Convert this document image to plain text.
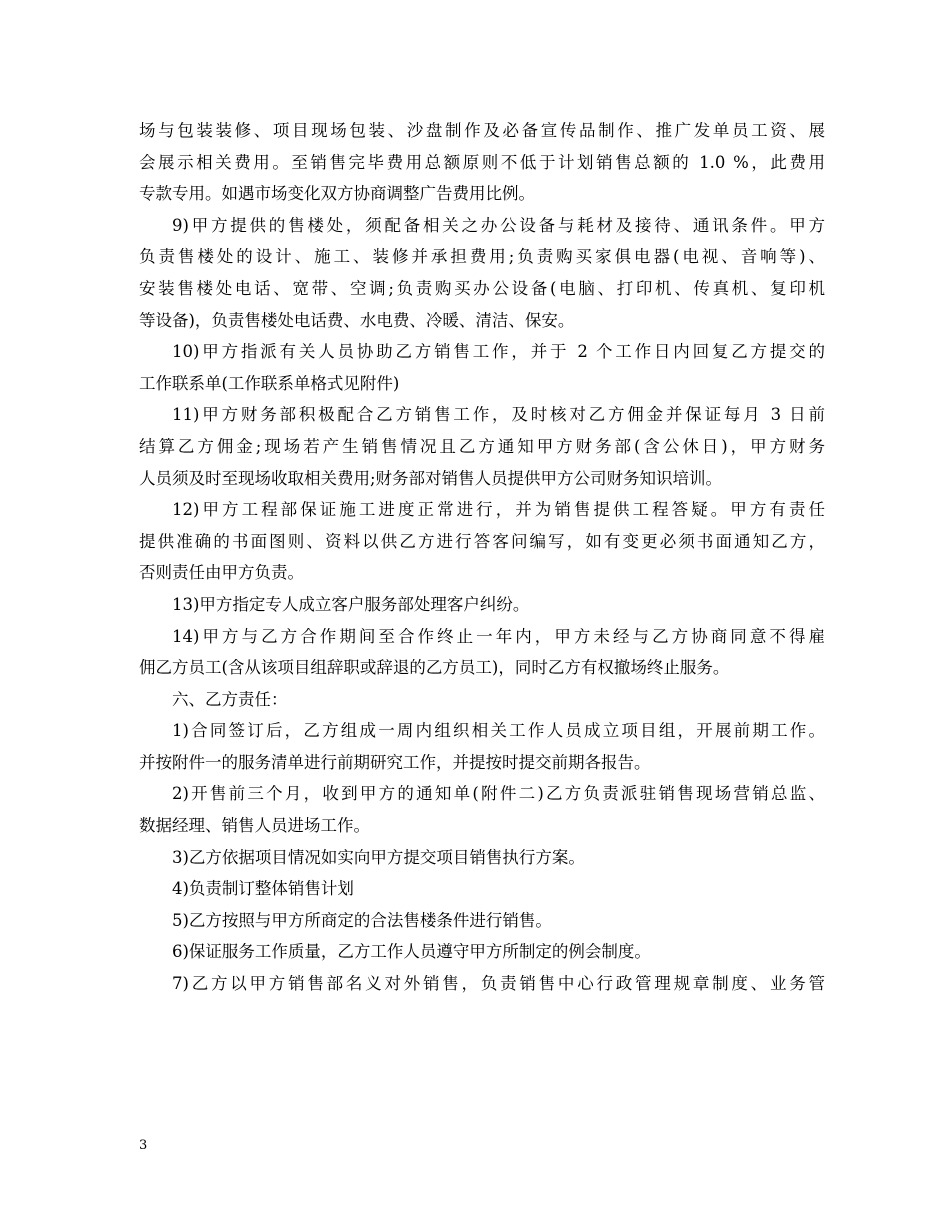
场与包装装修、项目现场包装、沙盘制作及必备宣传品制作、推广发单员工资、展
会展示相关费用。至销售完毕费用总额原则不低于计划销售总额的 1.0 %，此费用
专款专用。如遇市场变化双方协商调整广告费用比例。
9)甲方提供的售楼处，须配备相关之办公设备与耗材及接待、通讯条件。甲方
负责售楼处的设计、施工、装修并承担费用;负责购买家俱电器(电视、音响等)、
安装售楼处电话、宽带、空调;负责购买办公设备(电脑、打印机、传真机、复印机
等设备)，负责售楼处电话费、水电费、冷暖、清洁、保安。
10)甲方指派有关人员协助乙方销售工作，并于 2 个工作日内回复乙方提交的
工作联系单(工作联系单格式见附件)
11)甲方财务部积极配合乙方销售工作，及时核对乙方佣金并保证每月 3 日前
结算乙方佣金;现场若产生销售情况且乙方通知甲方财务部(含公休日)，甲方财务
人员须及时至现场收取相关费用;财务部对销售人员提供甲方公司财务知识培训。
12)甲方工程部保证施工进度正常进行，并为销售提供工程答疑。甲方有责任
提供准确的书面图则、资料以供乙方进行答客问编写，如有变更必须书面通知乙方，
否则责任由甲方负责。
13)甲方指定专人成立客户服务部处理客户纠纷。
14)甲方与乙方合作期间至合作终止一年内，甲方未经与乙方协商同意不得雇
佣乙方员工(含从该项目组辞职或辞退的乙方员工)，同时乙方有权撤场终止服务。
六、乙方责任：
1)合同签订后，乙方组成一周内组织相关工作人员成立项目组，开展前期工作。
并按附件一的服务清单进行前期研究工作，并提按时提交前期各报告。
2)开售前三个月，收到甲方的通知单(附件二)乙方负责派驻销售现场营销总监、
数据经理、销售人员进场工作。
3)乙方依据项目情况如实向甲方提交项目销售执行方案。
4)负责制订整体销售计划
5)乙方按照与甲方所商定的合法售楼条件进行销售。
6)保证服务工作质量，乙方工作人员遵守甲方所制定的例会制度。
7)乙方以甲方销售部名义对外销售，负责销售中心行政管理规章制度、业务管
3
